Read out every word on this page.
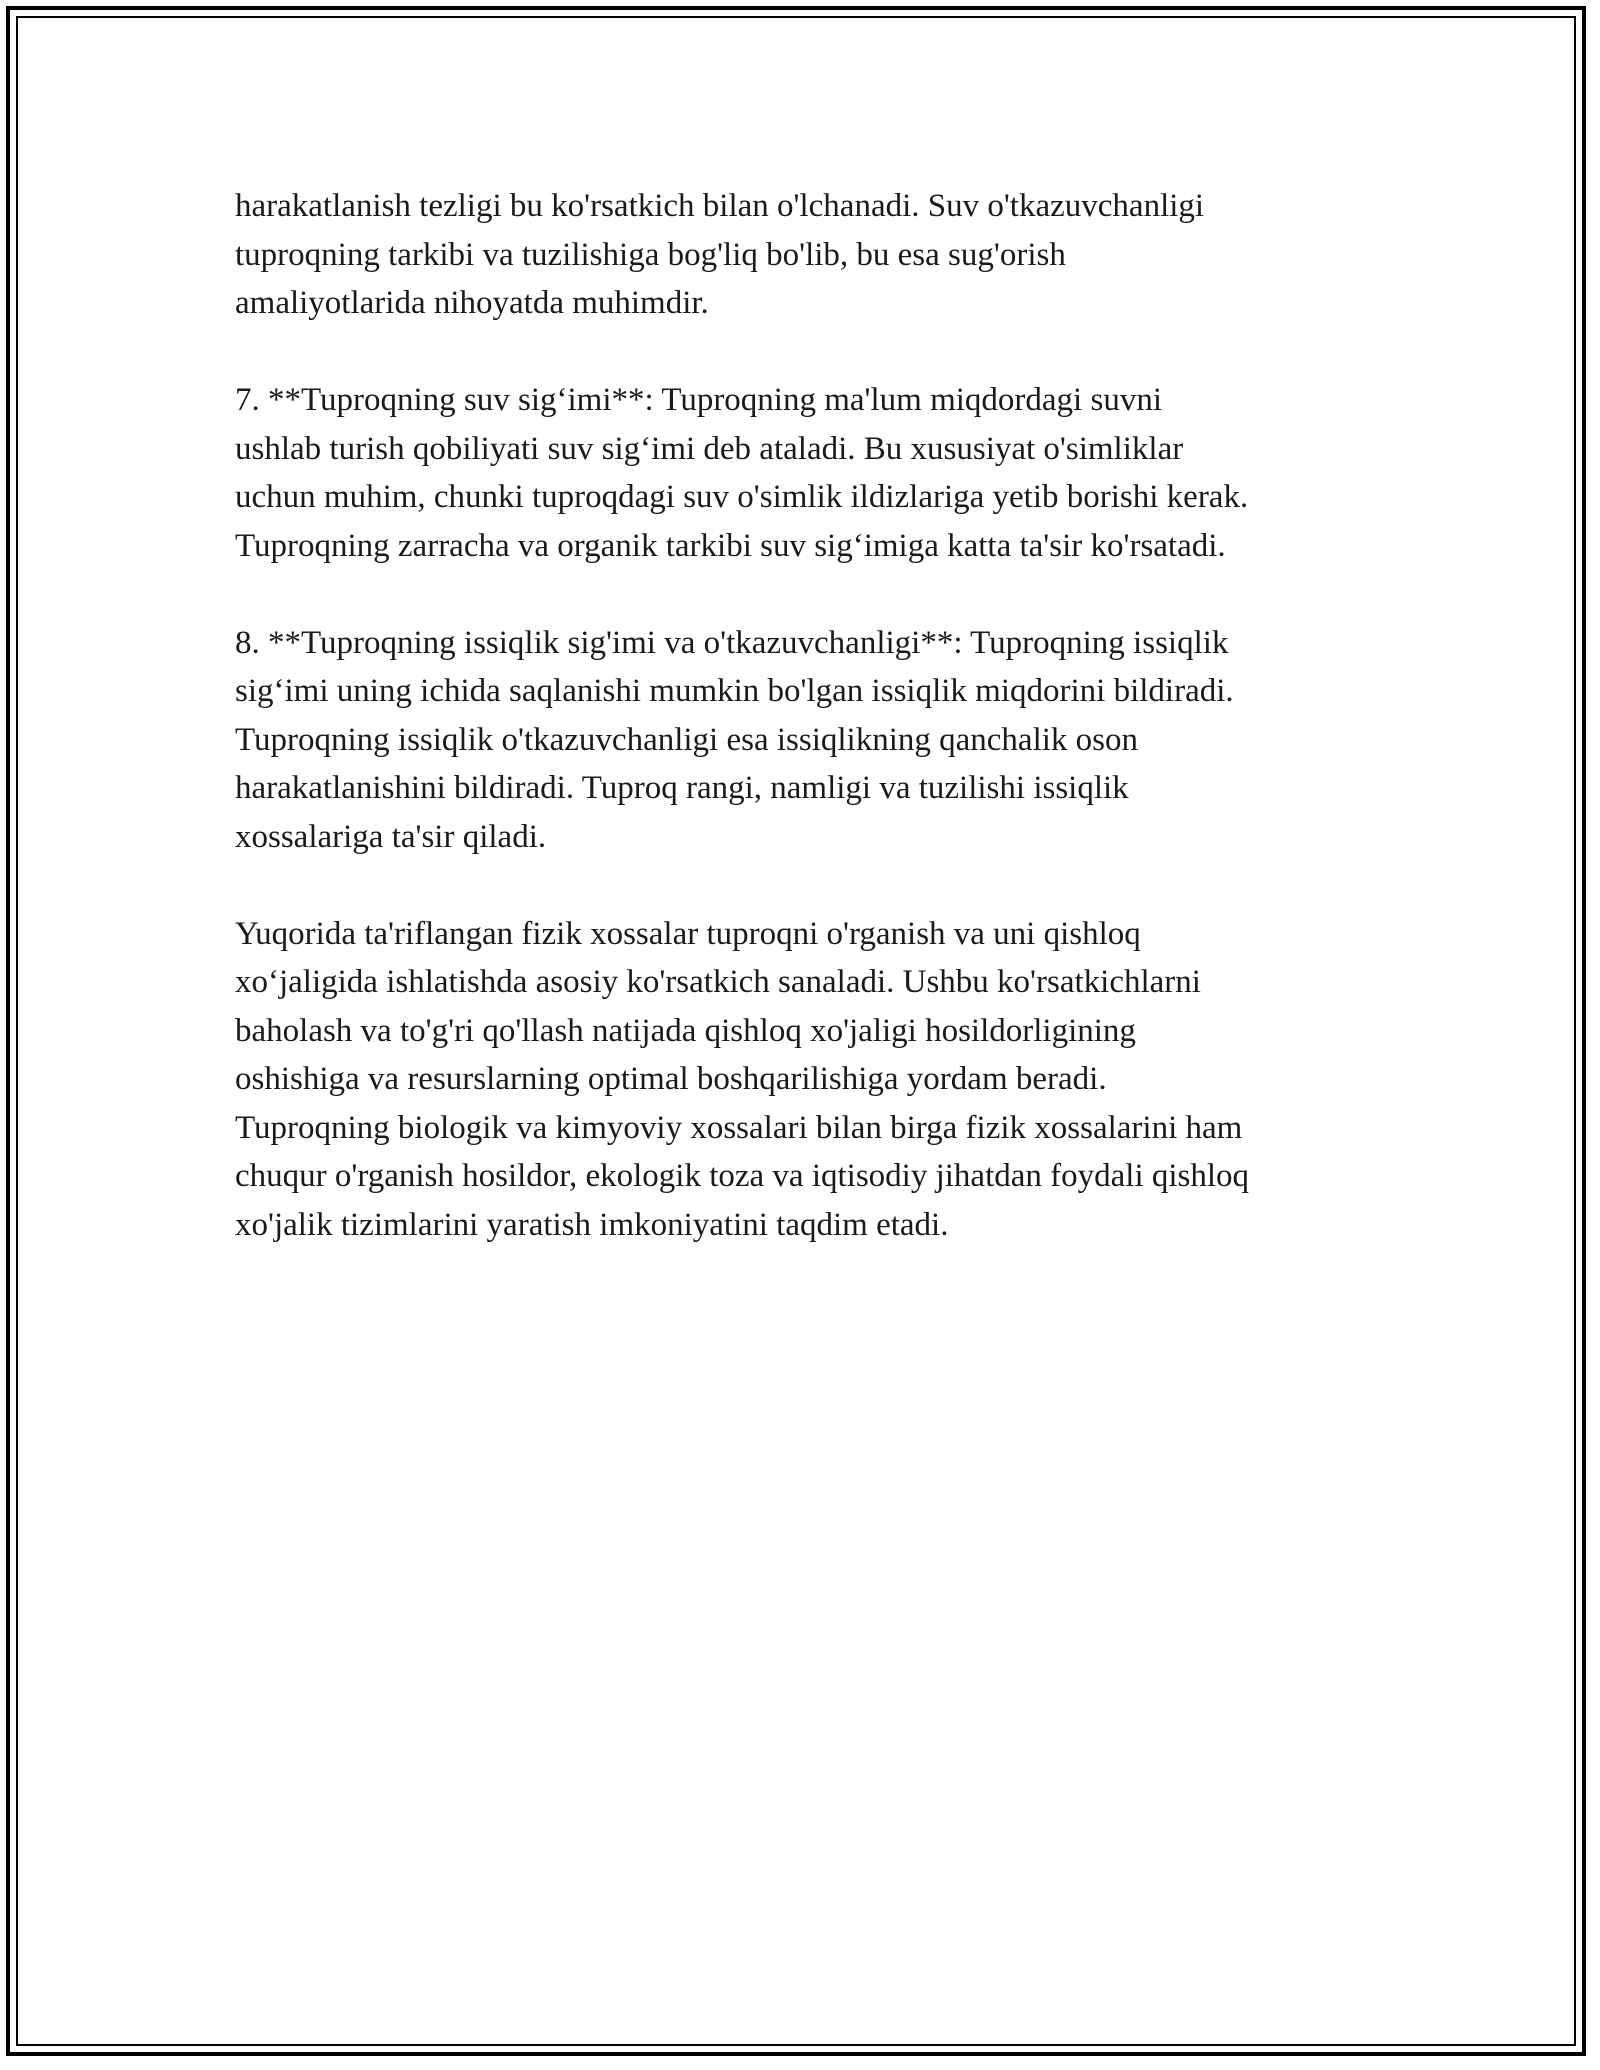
harakatlanish tezligi bu ko'rsatkich bilan o'lchanadi. Suv o'tkazuvchanligi
tuproqning tarkibi va tuzilishiga bog'liq bo'lib, bu esa sug'orish
amaliyotlarida nihoyatda muhimdir.

7. **Tuproqning suv sig‘imi**: Tuproqning ma'lum miqdordagi suvni
ushlab turish qobiliyati suv sig‘imi deb ataladi. Bu xususiyat o'simliklar
uchun muhim, chunki tuproqdagi suv o'simlik ildizlariga yetib borishi kerak.
Tuproqning zarracha va organik tarkibi suv sig‘imiga katta ta'sir ko'rsatadi.

8. **Tuproqning issiqlik sig'imi va o'tkazuvchanligi**: Tuproqning issiqlik
sig‘imi uning ichida saqlanishi mumkin bo'lgan issiqlik miqdorini bildiradi.
Tuproqning issiqlik o'tkazuvchanligi esa issiqlikning qanchalik oson
harakatlanishini bildiradi. Tuproq rangi, namligi va tuzilishi issiqlik
xossalariga ta'sir qiladi.

Yuqorida ta'riflangan fizik xossalar tuproqni o'rganish va uni qishloq
xo‘jaligida ishlatishda asosiy ko'rsatkich sanaladi. Ushbu ko'rsatkichlarni
baholash va to'g'ri qo'llash natijada qishloq xo'jaligi hosildorligining
oshishiga va resurslarning optimal boshqarilishiga yordam beradi.
Tuproqning biologik va kimyoviy xossalari bilan birga fizik xossalarini ham
chuqur o'rganish hosildor, ekologik toza va iqtisodiy jihatdan foydali qishloq
xo'jalik tizimlarini yaratish imkoniyatini taqdim etadi.
